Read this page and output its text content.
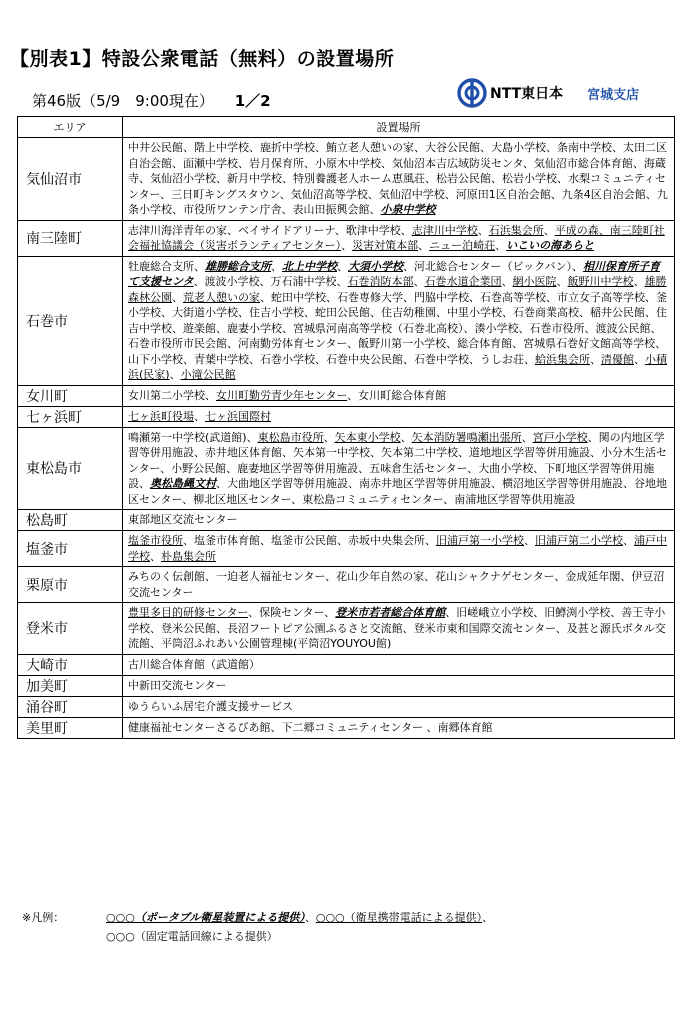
【別表1】特設公衆電話（無料）の設置場所
第46版（5/9　9:00現在） 1／2	NTT東日本 宮城支店
エリア	設置場所
気仙沼市	中井公民館、階上中学校、鹿折中学校、鮪立老人憩いの家、大谷公民館、大島小学校、条南中学校、太田二区自治会館、面瀬中学校、岩月保育所、小原木中学校、気仙沼本吉広域防災センタ、気仙沼市総合体育館、海蔵寺、気仙沼小学校、新月中学校、特別養護老人ホーム恵風荘、松岩公民館、松岩小学校、水梨コミュニティセンター、三日町キングスタウン、気仙沼高等学校、気仙沼中学校、河原田1区自治会館、九条4区自治会館、九条小学校、市役所ワンテン庁舎、表山田振興会館、小泉中学校
南三陸町	志津川海洋青年の家、ベイサイドアリーナ、歌津中学校、志津川中学校、石浜集会所、平成の森、南三陸町社会福祉協議会（災害ボランティアセンター）、災害対策本部、ニュー泊崎荘、いこいの海あらと
石巻市	牡鹿総合支所、雄勝総合支所、北上中学校、大須小学校、河北総合センター（ビックバン）、相川保育所子育て支援センタ、渡波小学校、万石浦中学校、石巻消防本部、石巻水道企業団、網小医院、飯野川中学校、雄勝森林公園、荒老人憩いの家、蛇田中学校、石巻専修大学、門脇中学校、石巻高等学校、市立女子高等学校、釜小学校、大街道小学校、住吉小学校、蛇田公民館、住吉幼稚園、中里小学校、石巻商業高校、稲井公民館、住吉中学校、遊楽館、鹿妻小学校、宮城県河南高等学校（石巻北高校）、湊小学校、石巻市役所、渡波公民館、石巻市役所市民会館、河南勤労体育センター、飯野川第一小学校、総合体育館、宮城県石巻好文館高等学校、山下小学校、青葉中学校、石巻小学校、石巻中央公民館、石巻中学校、うしお荘、蛤浜集会所、清優館、小積浜(民家)、小滝公民館
女川町	女川第二小学校、女川町勤労青少年センター、女川町総合体育館
七ヶ浜町	七ヶ浜町役場、七ヶ浜国際村
東松島市	鳴瀬第一中学校(武道館)、東松島市役所、矢本東小学校、矢本消防署鳴瀬出張所、宮戸小学校、関の内地区学習等併用施設、赤井地区体育館、矢本第一中学校、矢本第二中学校、道地地区学習等併用施設、小分木生活センター、小野公民館、鹿妻地区学習等併用施設、五味倉生活センター、大曲小学校、下町地区学習等併用施設、奥松島縄文村、大曲地区学習等併用施設、南赤井地区学習等併用施設、横沼地区学習等併用施設、谷地地区センター、柳北区地区センター、東松島コミュニティセンター、南浦地区学習等供用施設
松島町	東部地区交流センター
塩釜市	塩釜市役所、塩釜市体育館、塩釜市公民館、赤坂中央集会所、旧浦戸第一小学校、旧浦戸第二小学校、浦戸中学校、朴島集会所
栗原市	みちのく伝創館、一迫老人福祉センター、花山少年自然の家、花山シャクナゲセンター、金成延年閣、伊豆沼交流センター
登米市	豊里多目的研修センター、保険センター、登米市若者総合体育館、旧嵯峨立小学校、旧鱒渕小学校、善王寺小学校、登米公民館、長沼フートピア公園ふるさと交流館、登米市東和国際交流センター、及甚と源氏ボタル交流館、平筒沼ふれあい公園管理棟(平筒沼YOUYOU館)
大崎市	古川総合体育館（武道館）
加美町	中新田交流センター
涌谷町	ゆうらいふ居宅介護支援サービス
美里町	健康福祉センターさるびあ館、下二郷コミュニティセンター 、南郷体育館
※凡例：	○○○（ポータブル衛星装置による提供）、○○○（衛星携帯電話による提供）、
○○○（固定電話回線による提供）
